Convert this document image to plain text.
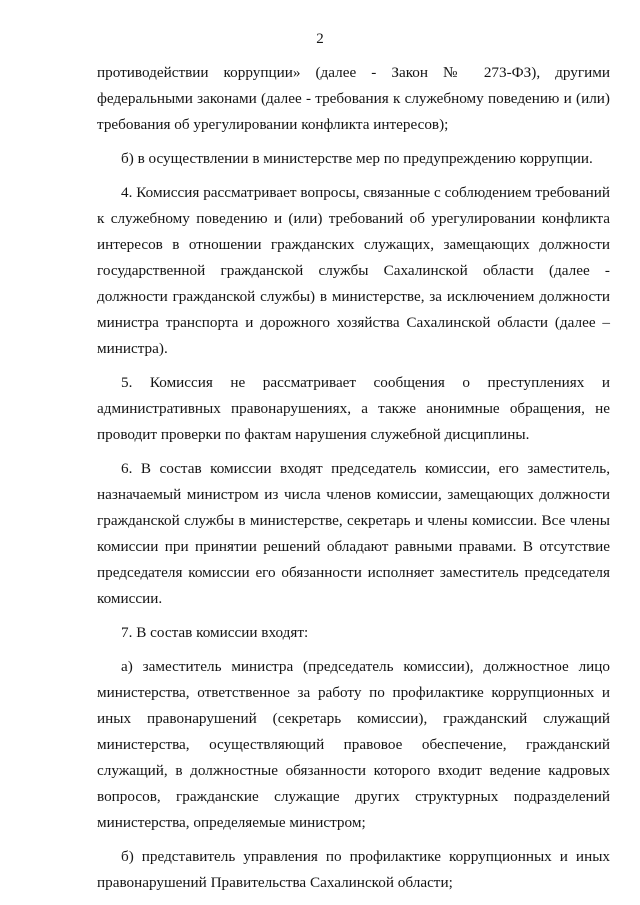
2

противодействии коррупции» (далее - Закон № 273-ФЗ), другими федеральными законами (далее - требования к служебному поведению и (или) требования об урегулировании конфликта интересов);

б) в осуществлении в министерстве мер по предупреждению коррупции.

4. Комиссия рассматривает вопросы, связанные с соблюдением требований к служебному поведению и (или) требований об урегулировании конфликта интересов в отношении гражданских служащих, замещающих должности государственной гражданской службы Сахалинской области (далее - должности гражданской службы) в министерстве, за исключением должности министра транспорта и дорожного хозяйства Сахалинской области (далее – министра).

5. Комиссия не рассматривает сообщения о преступлениях и административных правонарушениях, а также анонимные обращения, не проводит проверки по фактам нарушения служебной дисциплины.

6. В состав комиссии входят председатель комиссии, его заместитель, назначаемый министром из числа членов комиссии, замещающих должности гражданской службы в министерстве, секретарь и члены комиссии. Все члены комиссии при принятии решений обладают равными правами. В отсутствие председателя комиссии его обязанности исполняет заместитель председателя комиссии.

7. В состав комиссии входят:

а) заместитель министра (председатель комиссии), должностное лицо министерства, ответственное за работу по профилактике коррупционных и иных правонарушений (секретарь комиссии), гражданский служащий министерства, осуществляющий правовое обеспечение, гражданский служащий, в должностные обязанности которого входит ведение кадровых вопросов, гражданские служащие других структурных подразделений министерства, определяемые министром;

б) представитель управления по профилактике коррупционных и иных правонарушений Правительства Сахалинской области;
